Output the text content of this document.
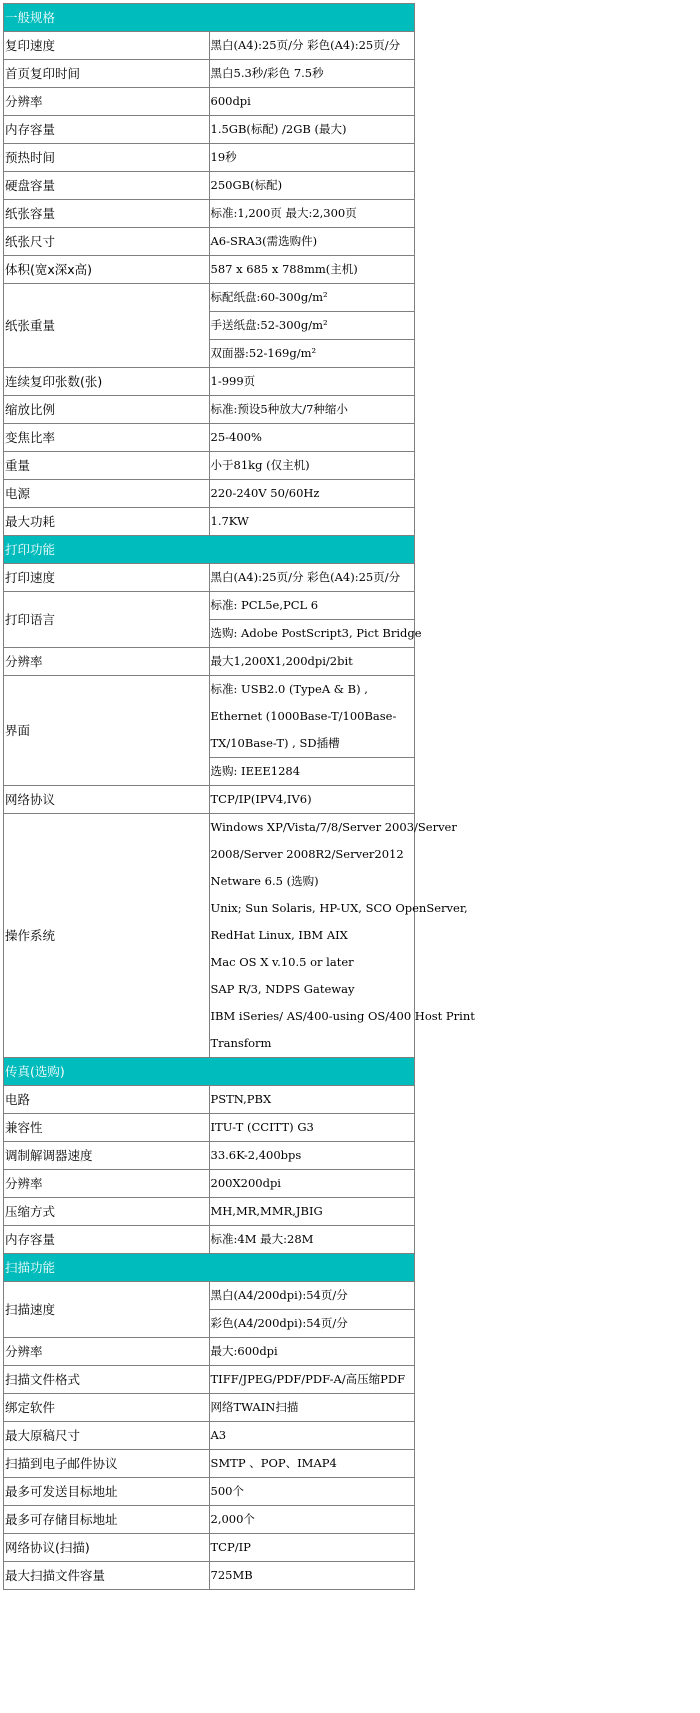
一般规格	
复印速度	黑白(A4):25页/分 彩色(A4):25页/分
首页复印时间	黑白5.3秒/彩色 7.5秒
分辨率	600dpi
内存容量	1.5GB(标配) /2GB (最大)
预热时间	19秒
硬盘容量	250GB(标配)
纸张容量	标准:1,200页 最大:2,300页
纸张尺寸	A6-SRA3(需选购件)
体积(宽x深x高)	587 x 685 x 788mm(主机)
纸张重量	标配纸盘:60-300g/m²
	手送纸盘:52-300g/m²
	双面器:52-169g/m²
连续复印张数(张)	1-999页
缩放比例	标准:预设5种放大/7种缩小
变焦比率	25-400%
重量	小于81kg (仅主机)
电源	220-240V 50/60Hz
最大功耗	1.7KW
打印功能	
打印速度	黑白(A4):25页/分 彩色(A4):25页/分
打印语言	标准: PCL5e,PCL 6
	选购: Adobe PostScript3, Pict Bridge
分辨率	最大1,200X1,200dpi/2bit
界面	标准: USB2.0 (TypeA & B) , Ethernet (1000Base-T/100Base-TX/10Base-T) , SD插槽
	选购: IEEE1284
网络协议	TCP/IP(IPV4,IV6)
操作系统	Windows XP/Vista/7/8/Server 2003/Server
	2008/Server 2008R2/Server2012
	Netware 6.5 (选购)
	Unix; Sun Solaris, HP-UX, SCO OpenServer,
	RedHat Linux, IBM AIX
	Mac OS X v.10.5 or later
	SAP R/3, NDPS Gateway
	IBM iSeries/ AS/400-using OS/400 Host Print
	Transform
传真(选购)	
电路	PSTN,PBX
兼容性	ITU-T (CCITT) G3
调制解调器速度	33.6K-2,400bps
分辨率	200X200dpi
压缩方式	MH,MR,MMR,JBIG
内存容量	标准:4M 最大:28M
扫描功能	
扫描速度	黑白(A4/200dpi):54页/分
	彩色(A4/200dpi):54页/分
分辨率	最大:600dpi
扫描文件格式	TIFF/JPEG/PDF/PDF-A/高压缩PDF
绑定软件	网络TWAIN扫描
最大原稿尺寸	A3
扫描到电子邮件协议	SMTP 、POP、IMAP4
最多可发送目标地址	500个
最多可存储目标地址	2,000个
网络协议(扫描)	TCP/IP
最大扫描文件容量	725MB
